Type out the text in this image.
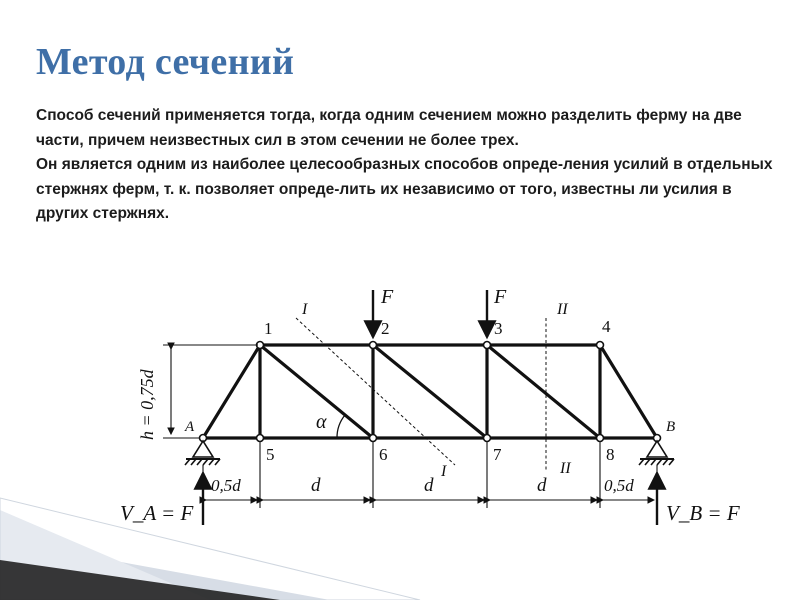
Метод сечений

Способ сечений применяется тогда, когда одним сечением можно разделить ферму на две части, причем неизвестных сил в этом сечении не более трех.

Он является одним из наиболее целесообразных способов опреде-ления усилий в отдельных стержнях ферм, т. к. позволяет опреде-лить их независимо от того, известны ли усилия в других стержнях.

1	2	3	4
5	6	7	8
A	B
F	F
I
I
II
II
α
h = 0,75d
0,5d	d	d	d	0,5d
V_A = F	V_B = F
